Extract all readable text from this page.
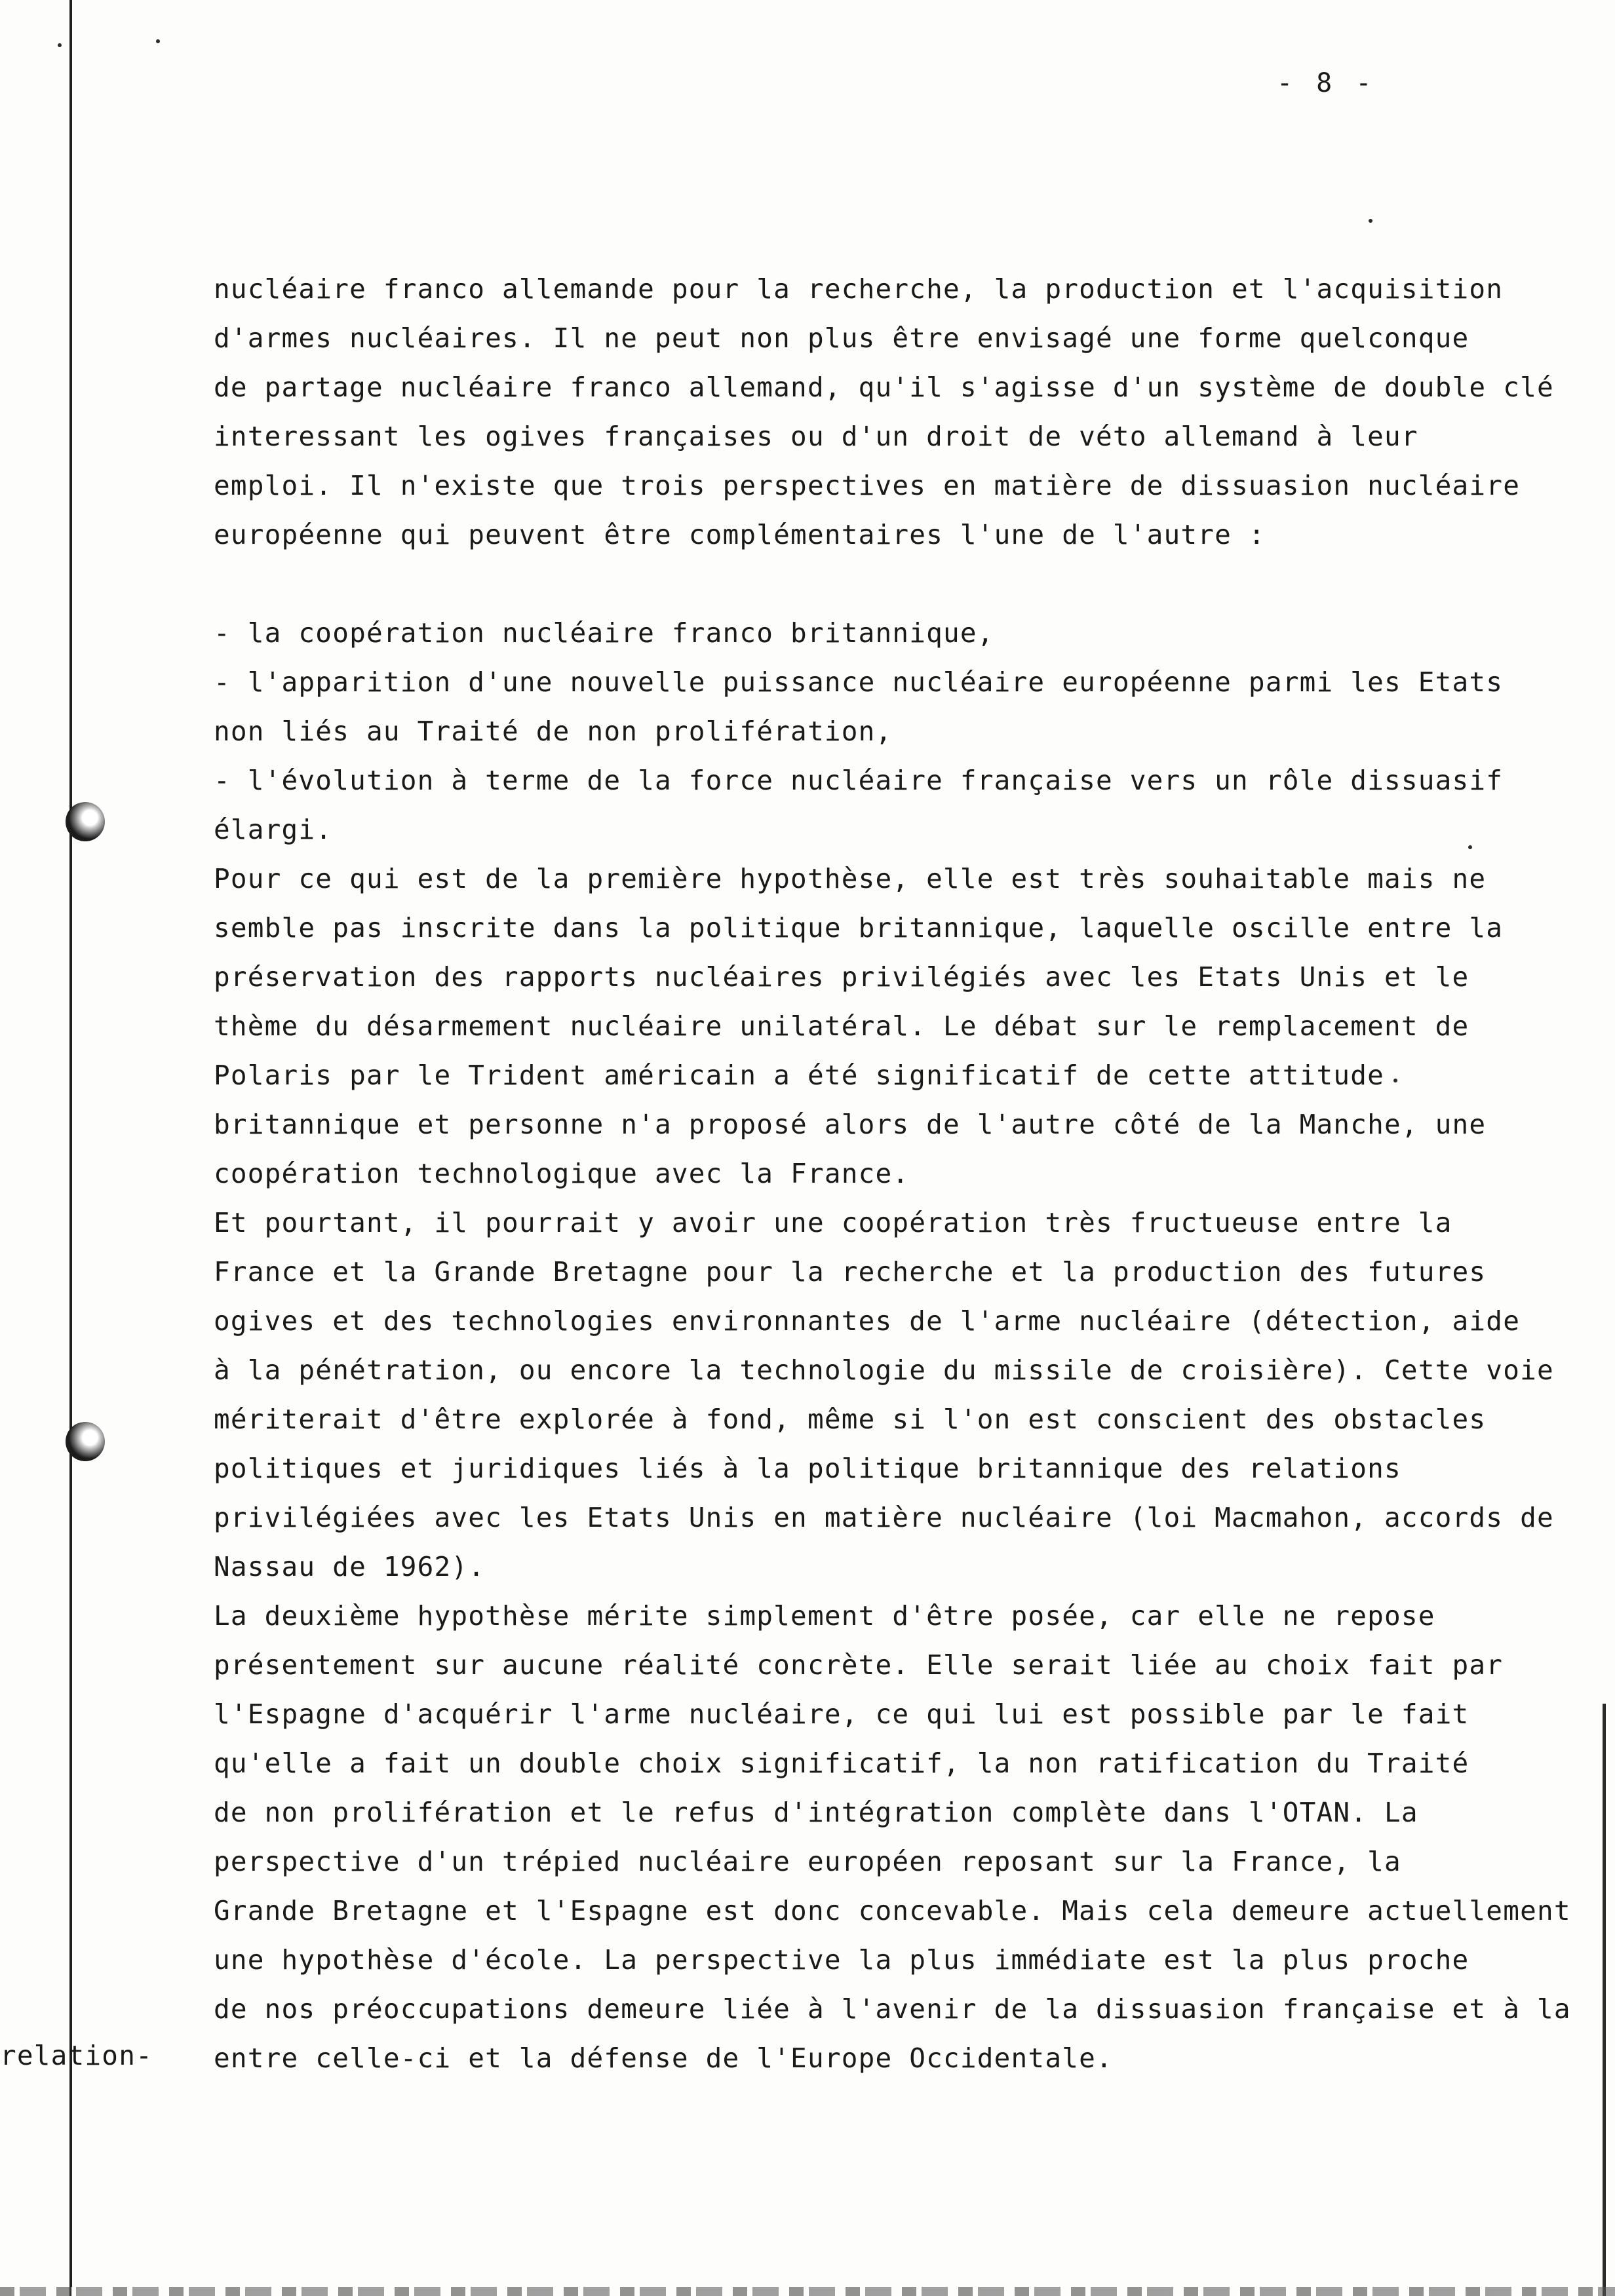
- 8 -
nucléaire franco allemande pour la recherche, la production et l'acquisition
d'armes nucléaires. Il ne peut non plus être envisagé une forme quelconque
de partage nucléaire franco allemand, qu'il s'agisse d'un système de double clé
interessant les ogives françaises ou d'un droit de véto allemand à leur
emploi. Il n'existe que trois perspectives en matière de dissuasion nucléaire
européenne qui peuvent être complémentaires l'une de l'autre :
- la coopération nucléaire franco britannique,
- l'apparition d'une nouvelle puissance nucléaire européenne parmi les Etats
non liés au Traité de non prolifération,
- l'évolution à terme de la force nucléaire française vers un rôle dissuasif
élargi.
Pour ce qui est de la première hypothèse, elle est très souhaitable mais ne
semble pas inscrite dans la politique britannique, laquelle oscille entre la
préservation des rapports nucléaires privilégiés avec les Etats Unis et le
thème du désarmement nucléaire unilatéral. Le débat sur le remplacement de
Polaris par le Trident américain a été significatif de cette attitude
britannique et personne n'a proposé alors de l'autre côté de la Manche, une
coopération technologique avec la France.
Et pourtant, il pourrait y avoir une coopération très fructueuse entre la
France et la Grande Bretagne pour la recherche et la production des futures
ogives et des technologies environnantes de l'arme nucléaire (détection, aide
à la pénétration, ou encore la technologie du missile de croisière). Cette voie
mériterait d'être explorée à fond, même si l'on est conscient des obstacles
politiques et juridiques liés à la politique britannique des relations
privilégiées avec les Etats Unis en matière nucléaire (loi Macmahon, accords de
Nassau de 1962).
La deuxième hypothèse mérite simplement d'être posée, car elle ne repose
présentement sur aucune réalité concrète. Elle serait liée au choix fait par
l'Espagne d'acquérir l'arme nucléaire, ce qui lui est possible par le fait
qu'elle a fait un double choix significatif, la non ratification du Traité
de non prolifération et le refus d'intégration complète dans l'OTAN. La
perspective d'un trépied nucléaire européen reposant sur la France, la
Grande Bretagne et l'Espagne est donc concevable. Mais cela demeure actuellement
une hypothèse d'école. La perspective la plus immédiate est la plus proche
de nos préoccupations demeure liée à l'avenir de la dissuasion française et à la
entre celle-ci et la défense de l'Europe Occidentale.
relation-
